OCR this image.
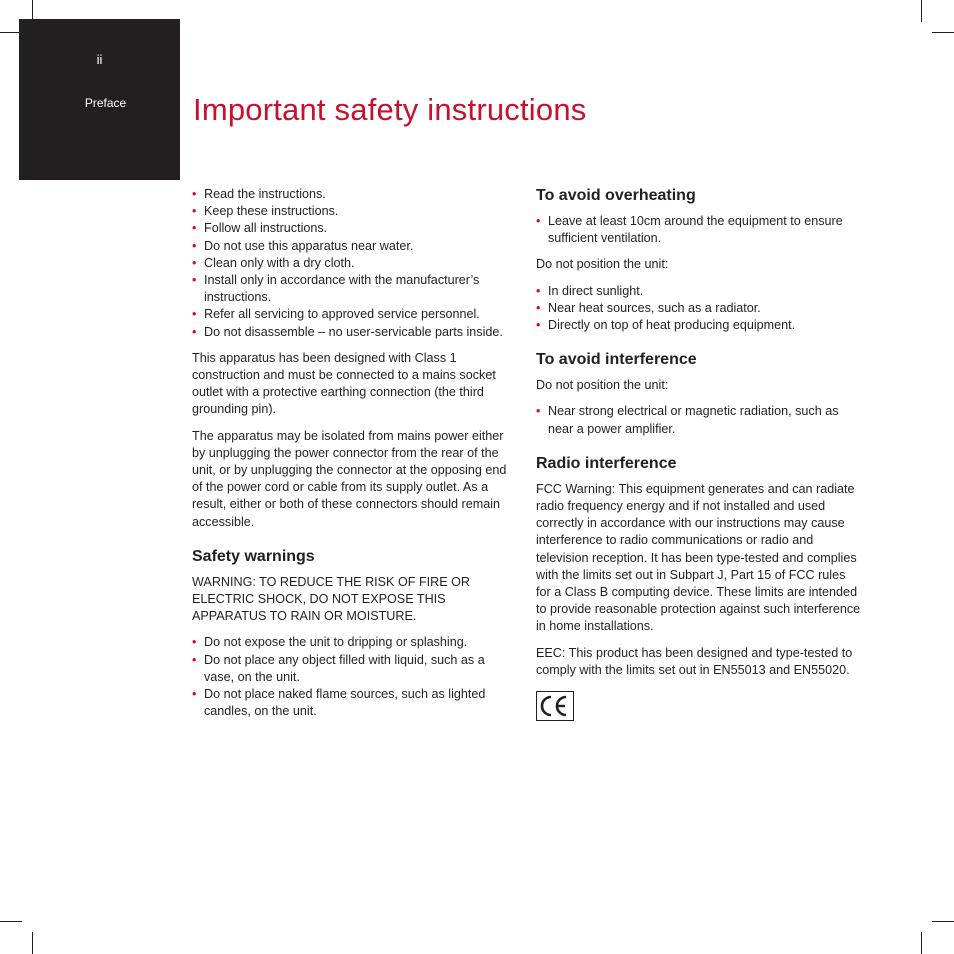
ii
Preface	Important safety instructions
• Read the instructions.
• Keep these instructions.
• Follow all instructions.
• Do not use this apparatus near water.
• Clean only with a dry cloth.
• Install only in accordance with the manufacturer’s instructions.
• Refer all servicing to approved service personnel.
• Do not disassemble – no user-servicable parts inside.

This apparatus has been designed with Class 1 construction and must be connected to a mains socket outlet with a protective earthing connection (the third grounding pin).

The apparatus may be isolated from mains power either by unplugging the power connector from the rear of the unit, or by unplugging the connector at the opposing end of the power cord or cable from its supply outlet. As a result, either or both of these connectors should remain accessible.

Safety warnings

WARNING: TO REDUCE THE RISK OF FIRE OR ELECTRIC SHOCK, DO NOT EXPOSE THIS APPARATUS TO RAIN OR MOISTURE.

• Do not expose the unit to dripping or splashing.
• Do not place any object filled with liquid, such as a vase, on the unit.
• Do not place naked flame sources, such as lighted candles, on the unit.
To avoid overheating
• Leave at least 10cm around the equipment to ensure sufficient ventilation.

Do not position the unit:

• In direct sunlight.
• Near heat sources, such as a radiator.
• Directly on top of heat producing equipment.
To avoid interference

Do not position the unit:

• Near strong electrical or magnetic radiation, such as near a power amplifier.
Radio interference

FCC Warning: This equipment generates and can radiate radio frequency energy and if not installed and used correctly in accordance with our instructions may cause interference to radio communications or radio and television reception. It has been type-tested and complies with the limits set out in Subpart J, Part 15 of FCC rules for a Class B computing device. These limits are intended to provide reasonable protection against such interference in home installations.

EEC: This product has been designed and type-tested to comply with the limits set out in EN55013 and EN55020.
